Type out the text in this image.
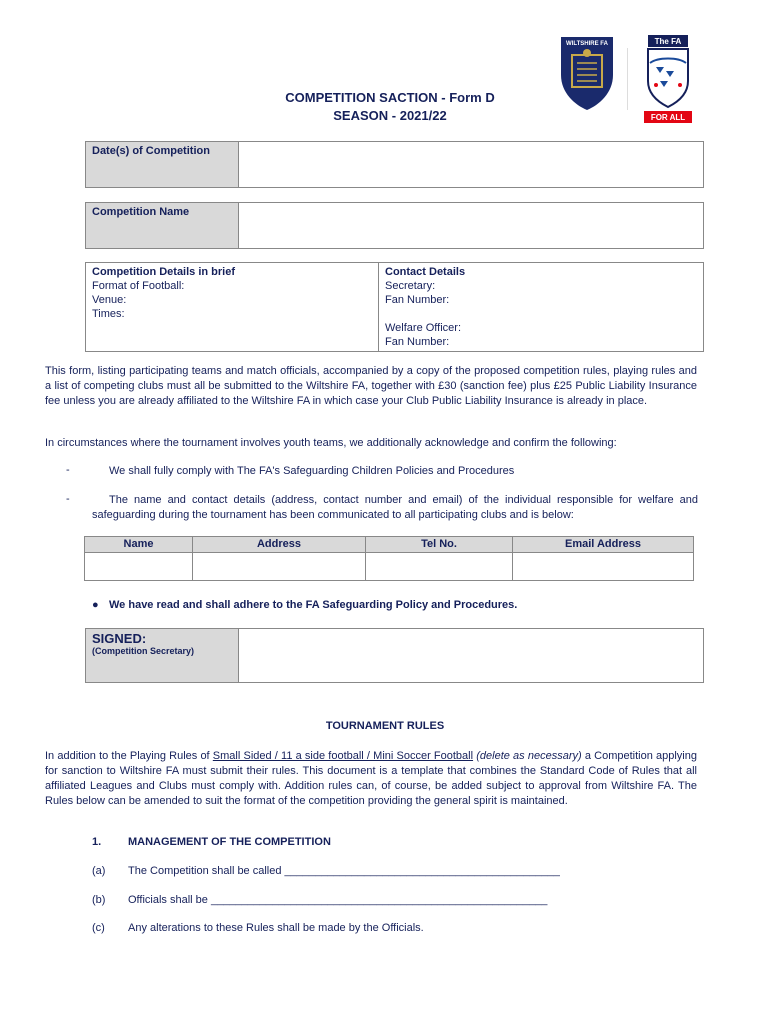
COMPETITION SACTION - Form D
SEASON - 2021/22
WILTSHIRE FA	The FA
FOR ALL
Date(s) of Competition	
Competition Name	
Competition Details in brief
Format of Football:
Venue:
Times:

Contact Details
Secretary:
Fan Number:
Welfare Officer:
Fan Number:
This form, listing participating teams and match officials, accompanied by a copy of the proposed competition rules, playing rules and a list of competing clubs must all be submitted to the Wiltshire FA, together with £30 (sanction fee) plus £25 Public Liability Insurance fee unless you are already affiliated to the Wiltshire FA in which case your Club Public Liability Insurance is already in place.
In circumstances where the tournament involves youth teams, we additionally acknowledge and confirm the following:
-	We shall fully comply with The FA's Safeguarding Children Policies and Procedures
-	The name and contact details (address, contact number and email) of the individual responsible for welfare and safeguarding during the tournament has been communicated to all participating clubs and is below:
Name	Address	Tel No.	Email Address

● We have read and shall adhere to the FA Safeguarding Policy and Procedures.
SIGNED:
(Competition Secretary)

TOURNAMENT RULES
In addition to the Playing Rules of Small Sided / 11 a side football / Mini Soccer Football (delete as necessary) a Competition applying for sanction to Wiltshire FA must submit their rules. This document is a template that combines the Standard Code of Rules that all affiliated Leagues and Clubs must comply with. Addition rules can, of course, be added subject to approval from Wiltshire FA. The Rules below can be amended to suit the format of the competition providing the general spirit is maintained.
1. MANAGEMENT OF THE COMPETITION
(a) The Competition shall be called _____________________________________________
(b) Officials shall be _______________________________________________________
(c) Any alterations to these Rules shall be made by the Officials.
